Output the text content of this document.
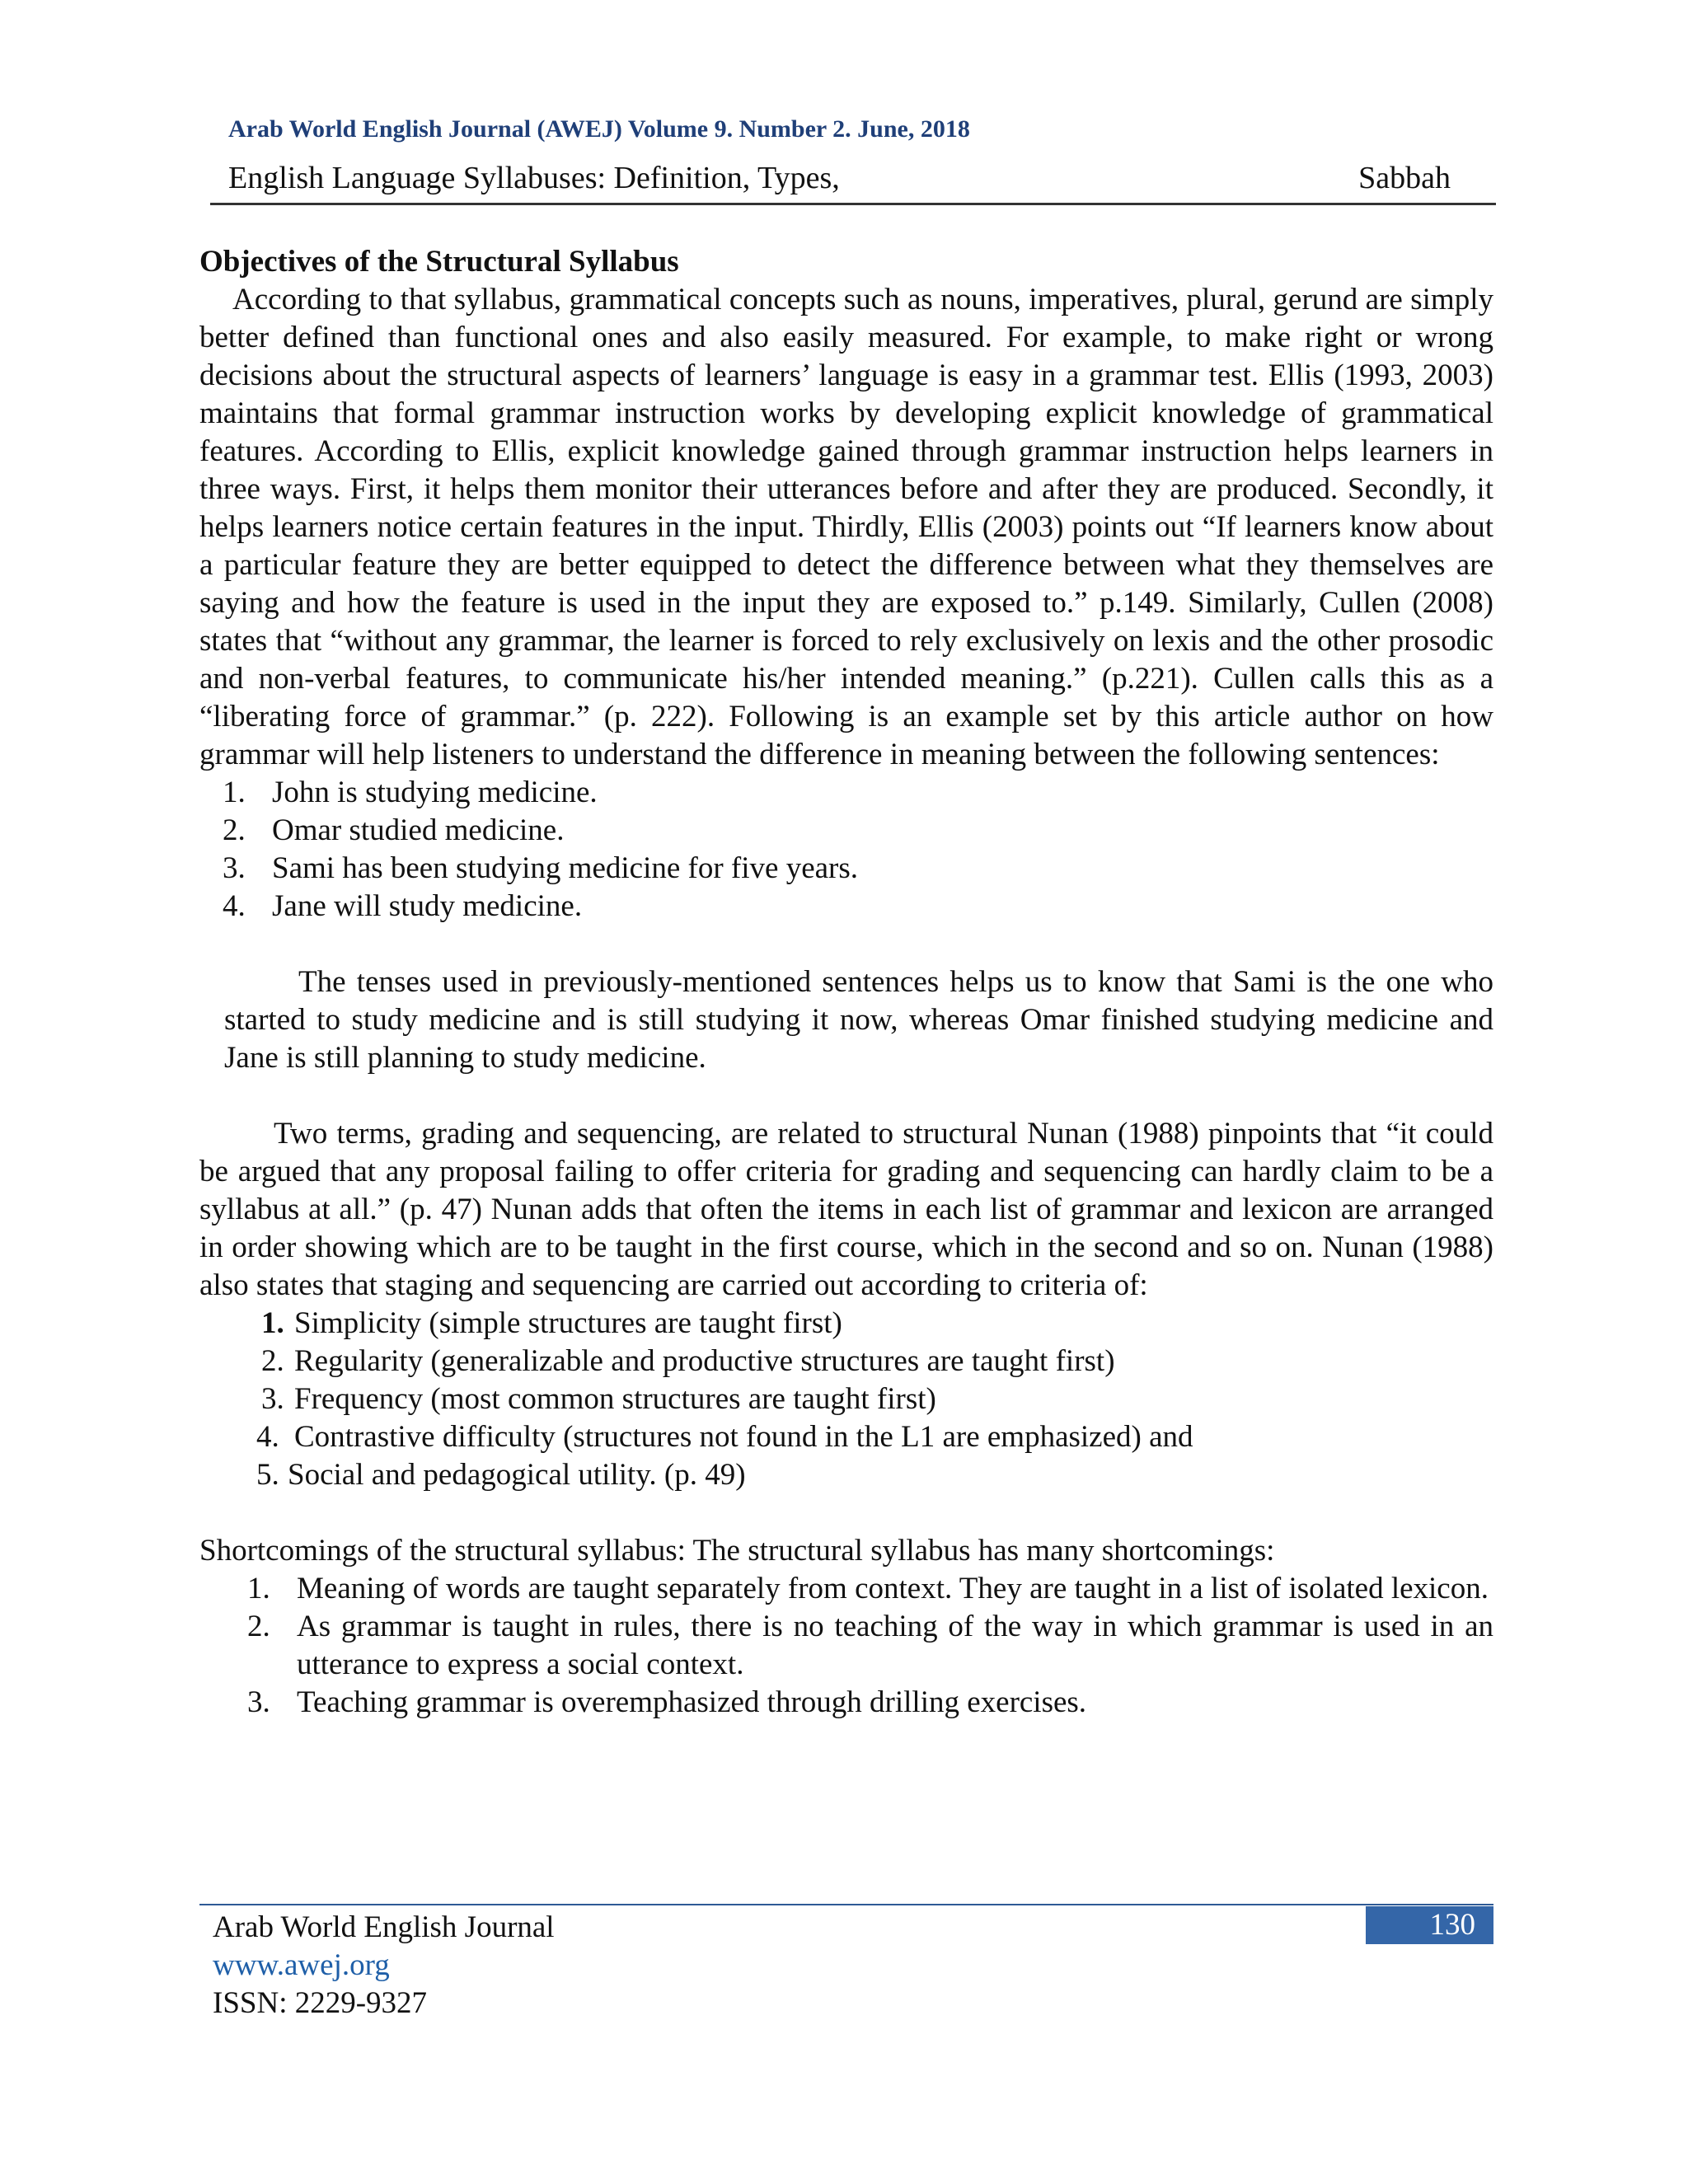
Arab World English Journal (AWEJ) Volume 9. Number 2. June, 2018
English Language Syllabuses: Definition, Types,	Sabbah
Objectives of the Structural Syllabus

According to that syllabus, grammatical concepts such as nouns, imperatives, plural, gerund are simply better defined than functional ones and also easily measured. For example, to make right or wrong decisions about the structural aspects of learners’ language is easy in a grammar test. Ellis (1993, 2003) maintains that formal grammar instruction works by developing explicit knowledge of grammatical features. According to Ellis, explicit knowledge gained through grammar instruction helps learners in three ways. First, it helps them monitor their utterances before and after they are produced. Secondly, it helps learners notice certain features in the input. Thirdly, Ellis (2003) points out “If learners know about a particular feature they are better equipped to detect the difference between what they themselves are saying and how the feature is used in the input they are exposed to.” p.149. Similarly, Cullen (2008) states that “without any grammar, the learner is forced to rely exclusively on lexis and the other prosodic and non-verbal features, to communicate his/her intended meaning.” (p.221). Cullen calls this as a “liberating force of grammar.” (p. 222). Following is an example set by this article author on how grammar will help listeners to understand the difference in meaning between the following sentences:

1. John is studying medicine.
2. Omar studied medicine.
3. Sami has been studying medicine for five years.
4. Jane will study medicine.

The tenses used in previously-mentioned sentences helps us to know that Sami is the one who started to study medicine and is still studying it now, whereas Omar finished studying medicine and Jane is still planning to study medicine.

Two terms, grading and sequencing, are related to structural Nunan (1988) pinpoints that “it could be argued that any proposal failing to offer criteria for grading and sequencing can hardly claim to be a syllabus at all.” (p. 47) Nunan adds that often the items in each list of grammar and lexicon are arranged in order showing which are to be taught in the first course, which in the second and so on. Nunan (1988) also states that staging and sequencing are carried out according to criteria of:

1. Simplicity (simple structures are taught first)
2. Regularity (generalizable and productive structures are taught first)
3. Frequency (most common structures are taught first)
4. Contrastive difficulty (structures not found in the L1 are emphasized) and
5. Social and pedagogical utility. (p. 49)

Shortcomings of the structural syllabus: The structural syllabus has many shortcomings:

1. Meaning of words are taught separately from context. They are taught in a list of isolated lexicon.
2. As grammar is taught in rules, there is no teaching of the way in which grammar is used in an utterance to express a social context.
3. Teaching grammar is overemphasized through drilling exercises.
Arab World English Journal
www.awej.org
ISSN: 2229-9327
130
